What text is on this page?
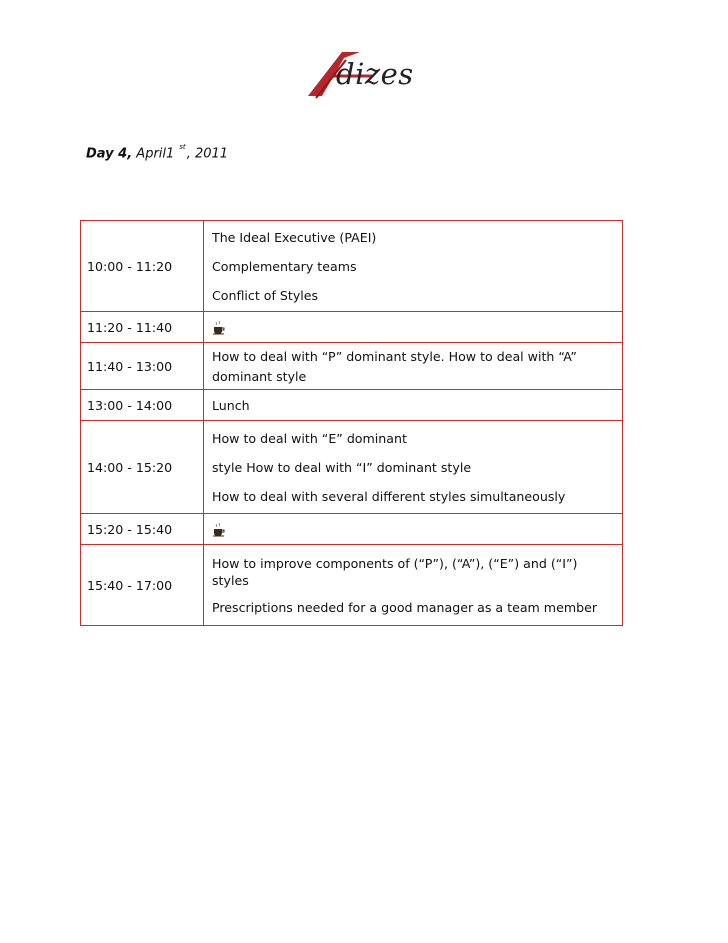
dizes
Day 4, April1 $^{st}$, 2011
10:00 - 11:20	The Ideal Executive (PAEI)
Complementary teams
Conflict of Styles

11:20 - 11:40	
11:40 - 13:00	How to deal with “P” dominant style. How to deal with “A”
dominant style

13:00 - 14:00	Lunch

14:00 - 15:20	How to deal with “E” dominant
style How to deal with “I” dominant style
How to deal with several different styles simultaneously

15:20 - 15:40	
15:40 - 17:00	How to improve components of (“P”), (“A”), (“E”) and (“I”)
styles
Prescriptions needed for a good manager as a team member
